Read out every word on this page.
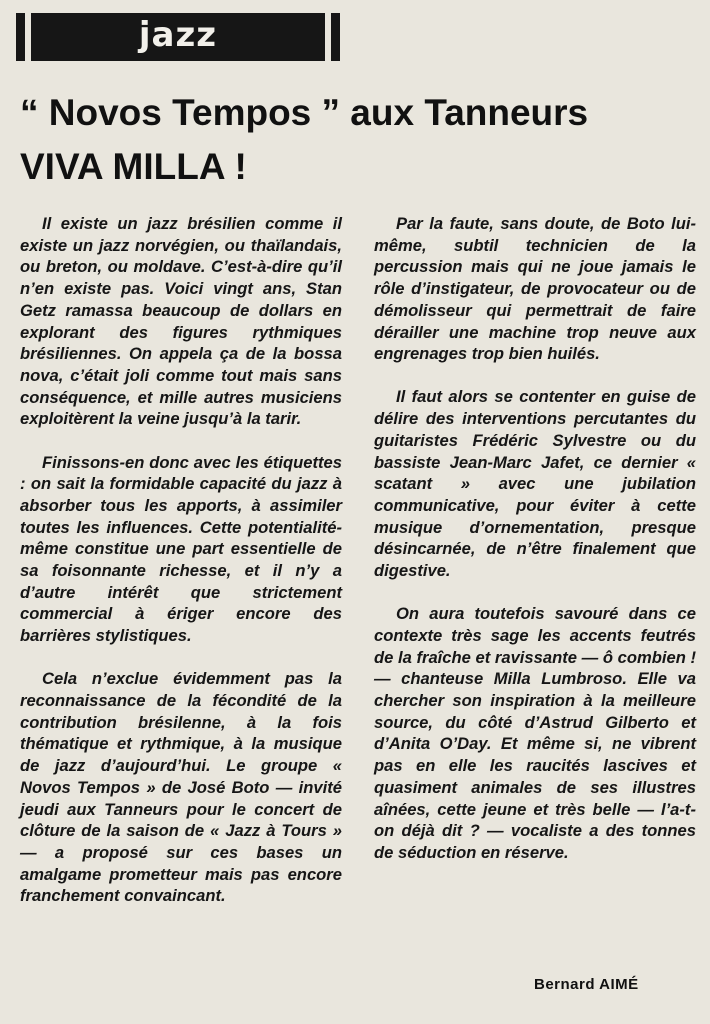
jazz
“ Novos Tempos ” aux Tanneurs
VIVA MILLA !

Il existe un jazz brésilien comme il existe un jazz norvégien, ou thaïlandais, ou breton, ou moldave. C’est-à-dire qu’il n’en existe pas. Voici vingt ans, Stan Getz ramassa beaucoup de dollars en explorant des figures rythmiques brésiliennes. On appela ça de la bossa nova, c’était joli comme tout mais sans conséquence, et mille autres musiciens exploitèrent la veine jusqu’à la tarir.

Finissons-en donc avec les étiquettes : on sait la formidable capacité du jazz à absorber tous les apports, à assimiler toutes les influences. Cette potentialité-même constitue une part essentielle de sa foisonnante richesse, et il n’y a d’autre intérêt que strictement commercial à ériger encore des barrières stylistiques.

Cela n’exclue évidemment pas la reconnaissance de la fécondité de la contribution brésilenne, à la fois thématique et rythmique, à la musique de jazz d’aujourd’hui. Le groupe « Novos Tempos » de José Boto — invité jeudi aux Tanneurs pour le concert de clôture de la saison de « Jazz à Tours » — a proposé sur ces bases un amalgame prometteur mais pas encore franchement convaincant.

Par la faute, sans doute, de Boto lui-même, subtil technicien de la percussion mais qui ne joue jamais le rôle d’instigateur, de provocateur ou de démolisseur qui permettrait de faire dérailler une machine trop neuve aux engrenages trop bien huilés.

Il faut alors se contenter en guise de délire des interventions percutantes du guitaristes Frédéric Sylvestre ou du bassiste Jean-Marc Jafet, ce dernier « scatant » avec une jubilation communicative, pour éviter à cette musique d’ornementation, presque désincarnée, de n’être finalement que digestive.

On aura toutefois savouré dans ce contexte très sage les accents feutrés de la fraîche et ravissante — ô combien ! — chanteuse Milla Lumbroso. Elle va chercher son inspiration à la meilleure source, du côté d’Astrud Gilberto et d’Anita O’Day. Et même si, ne vibrent pas en elle les raucités lascives et quasiment animales de ses illustres aînées, cette jeune et très belle — l’a-t-on déjà dit ? — vocaliste a des tonnes de séduction en réserve.

Bernard AIMÉ
